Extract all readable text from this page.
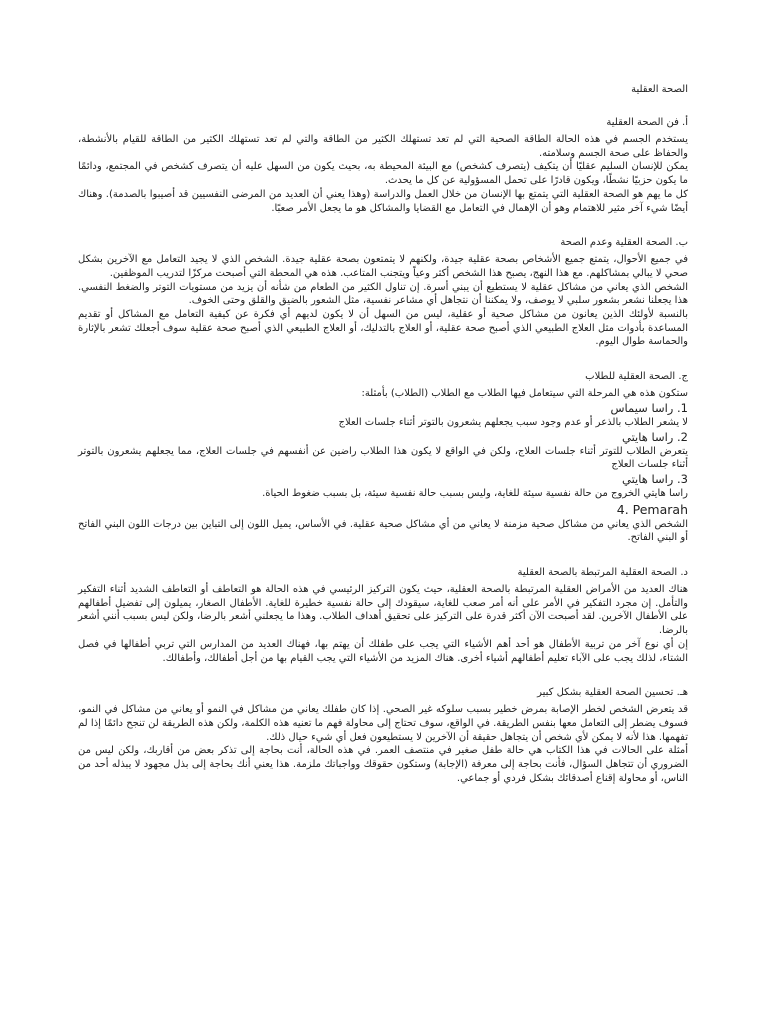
الصحة العقلية
أ. فن الصحة العقلية

يستخدم الجسم في هذه الحالة الطاقة الصحية التي لم تعد تستهلك الكثير من الطاقة والتي لم تعد تستهلك الكثير من الطاقة للقيام بالأنشطة، والحفاظ على صحة الجسم وسلامته.

يمكن للإنسان السليم عقليًا أن يتكيف (يتصرف كشخص) مع البيئة المحيطة به، بحيث يكون من السهل عليه أن يتصرف كشخص في المجتمع، ودائمًا ما يكون حزبيًا نشطًا، ويكون قادرًا على تحمل المسؤولية عن كل ما يحدث.

كل ما يهم هو الصحة العقلية التي يتمتع بها الإنسان من خلال العمل والدراسة (وهذا يعني أن العديد من المرضى النفسيين قد أصيبوا بالصدمة). وهناك أيضًا شيء آخر مثير للاهتمام وهو أن الإهمال في التعامل مع القضايا والمشاكل هو ما يجعل الأمر صعبًا.

ب. الصحة العقلية وعدم الصحة

في جميع الأحوال، يتمتع جميع الأشخاص بصحة عقلية جيدة، ولكنهم لا يتمتعون بصحة عقلية جيدة. الشخص الذي لا يجيد التعامل مع الآخرين بشكل صحي لا يبالي بمشاكلهم. مع هذا النهج، يصبح هذا الشخص أكثر وعياً ويتجنب المتاعب. هذه هي المحطة التي أصبحت مركزًا لتدريب الموظفين.

الشخص الذي يعاني من مشاكل عقلية لا يستطيع أن يبني أسرة. إن تناول الكثير من الطعام من شأنه أن يزيد من مستويات التوتر والضغط النفسي. هذا يجعلنا نشعر بشعور سلبي لا يوصف، ولا يمكننا أن نتجاهل أي مشاعر نفسية، مثل الشعور بالضيق والقلق وحتى الخوف.

بالنسبة لأولئك الذين يعانون من مشاكل صحية أو عقلية، ليس من السهل أن لا يكون لديهم أي فكرة عن كيفية التعامل مع المشاكل أو تقديم المساعدة بأدوات مثل العلاج الطبيعي الذي أصبح صحة عقلية، أو العلاج بالتدليك، أو العلاج الطبيعي الذي أصبح صحة عقلية سوف أجعلك تشعر بالإثارة والحماسة طوال اليوم.

ج. الصحة العقلية للطلاب

ستكون هذه هي المرحلة التي سيتعامل فيها الطلاب مع الطلاب (الطلاب) بأمثلة:

1. راسا سيماس

لا يشعر الطلاب بالذعر أو عدم وجود سبب يجعلهم يشعرون بالتوتر أثناء جلسات العلاج

2. راسا هايتي

يتعرض الطلاب للتوتر أثناء جلسات العلاج، ولكن في الواقع لا يكون هذا الطلاب راضين عن أنفسهم في جلسات العلاج، مما يجعلهم يشعرون بالتوتر أثناء جلسات العلاج

3. راسا هايتي

راسا هايتي الخروج من حالة نفسية سيئة للغاية، وليس بسبب حالة نفسية سيئة، بل بسبب ضغوط الحياة.

4. Pemarah

الشخص الذي يعاني من مشاكل صحية مزمنة لا يعاني من أي مشاكل صحية عقلية. في الأساس، يميل اللون إلى التباين بين درجات اللون البني الفاتح أو البني الفاتح.

د. الصحة العقلية المرتبطة بالصحة العقلية

هناك العديد من الأمراض العقلية المرتبطة بالصحة العقلية، حيث يكون التركيز الرئيسي في هذه الحالة هو التعاطف أو التعاطف الشديد أثناء التفكير والتأمل. إن مجرد التفكير في الأمر على أنه أمر صعب للغاية، سيقودك إلى حالة نفسية خطيرة للغاية. الأطفال الصغار، يميلون إلى تفضيل أطفالهم على الأطفال الآخرين. لقد أصبحت الآن أكثر قدرة على التركيز على تحقيق أهداف الطلاب. وهذا ما يجعلني أشعر بالرضا، ولكن ليس بسبب أنني أشعر بالرضا.

إن أي نوع آخر من تربية الأطفال هو أحد أهم الأشياء التي يجب على طفلك أن يهتم بها، فهناك العديد من المدارس التي تربي أطفالها في فصل الشتاء، لذلك يجب على الآباء تعليم أطفالهم أشياء أخرى. هناك المزيد من الأشياء التي يجب القيام بها من أجل أطفالك، وأطفالك.

هـ. تحسين الصحة العقلية بشكل كبير

قد يتعرض الشخص لخطر الإصابة بمرض خطير بسبب سلوكه غير الصحي. إذا كان طفلك يعاني من مشاكل في النمو أو يعاني من مشاكل في النمو، فسوف يضطر إلى التعامل معها بنفس الطريقة. في الواقع، سوف تحتاج إلى محاولة فهم ما تعنيه هذه الكلمة، ولكن هذه الطريقة لن تنجح دائمًا إذا لم تفهمها. هذا لأنه لا يمكن لأي شخص أن يتجاهل حقيقة أن الآخرين لا يستطيعون فعل أي شيء حيال ذلك.

أمثلة على الحالات في هذا الكتاب هي حالة طفل صغير في منتصف العمر. في هذه الحالة، أنت بحاجة إلى تذكر بعض من أقاربك، ولكن ليس من الضروري أن تتجاهل السؤال، فأنت بحاجة إلى معرفة (الإجابة) وستكون حقوقك وواجباتك ملزمة. هذا يعني أنك بحاجة إلى بذل مجهود لا يبذله أحد من الناس، أو محاولة إقناع أصدقائك بشكل فردي أو جماعي.
